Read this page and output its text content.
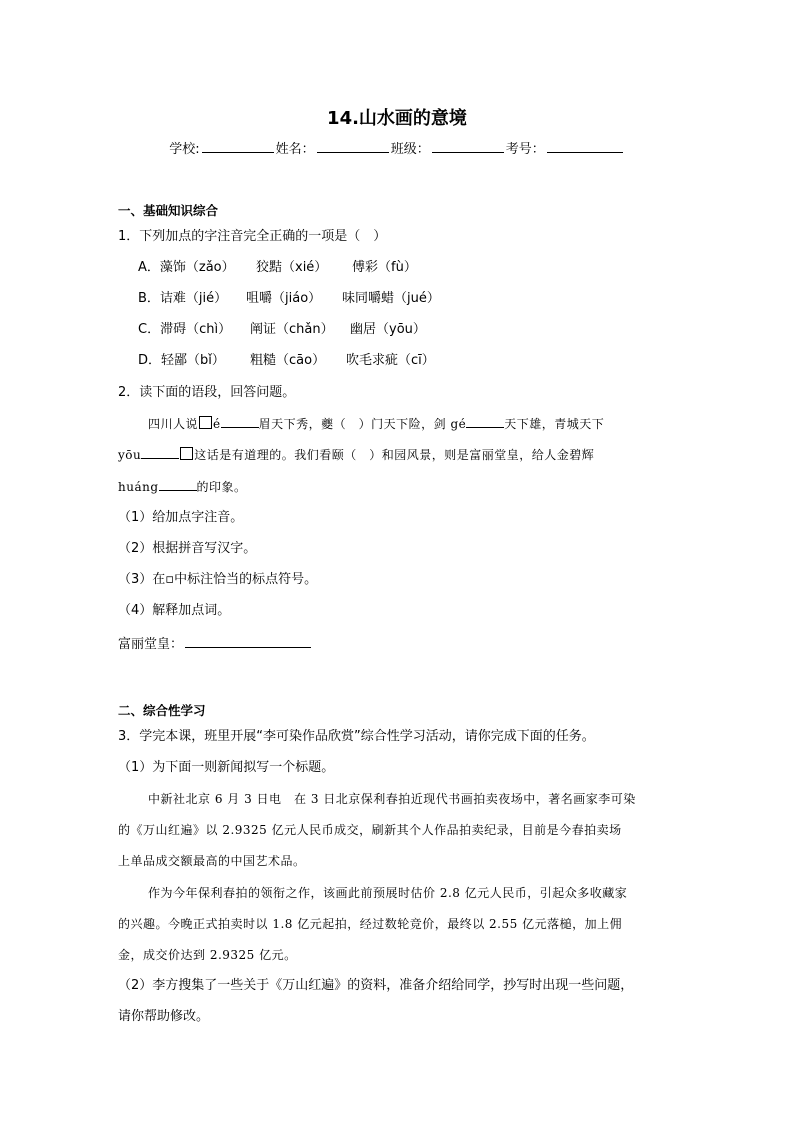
14.山水画的意境
学校:	姓名：	班级：	考号：
一、基础知识综合
1．下列加点的字注音完全正确的一项是（　）
A．藻饰（zǎo） 狡黠（xié） 傅彩（fù）
B．诘难（jié） 咀嚼（jiáo） 味同嚼蜡（jué）
C．滞碍（chì） 阐证（chǎn） 幽居（yōu）
D．轻鄙（bǐ） 粗糙（cāo） 吹毛求疵（cī）
2．读下面的语段，回答问题。
四川人说 é	眉天下秀，夔（　）门天下险，剑 gé	天下雄，青城天下
yōu	这话是有道理的。我们看颐（　）和园风景，则是富丽堂皇，给人金碧辉
huáng	的印象。
（1）给加点字注音。
（2）根据拼音写汉字。
（3）在▫中标注恰当的标点符号。
（4）解释加点词。
富丽堂皇：
二、综合性学习
3．学完本课，班里开展“李可染作品欣赏”综合性学习活动，请你完成下面的任务。
（1）为下面一则新闻拟写一个标题。
中新社北京 6 月 3 日电　在 3 日北京保利春拍近现代书画拍卖夜场中，著名画家李可染
的《万山红遍》以 2.9325 亿元人民币成交，刷新其个人作品拍卖纪录，目前是今春拍卖场
上单品成交额最高的中国艺术品。
作为今年保利春拍的领衔之作，该画此前预展时估价 2.8 亿元人民币，引起众多收藏家
的兴趣。今晚正式拍卖时以 1.8 亿元起拍，经过数轮竞价，最终以 2.55 亿元落槌，加上佣
金，成交价达到 2.9325 亿元。
（2）李方搜集了一些关于《万山红遍》的资料，准备介绍给同学，抄写时出现一些问题，
请你帮助修改。
